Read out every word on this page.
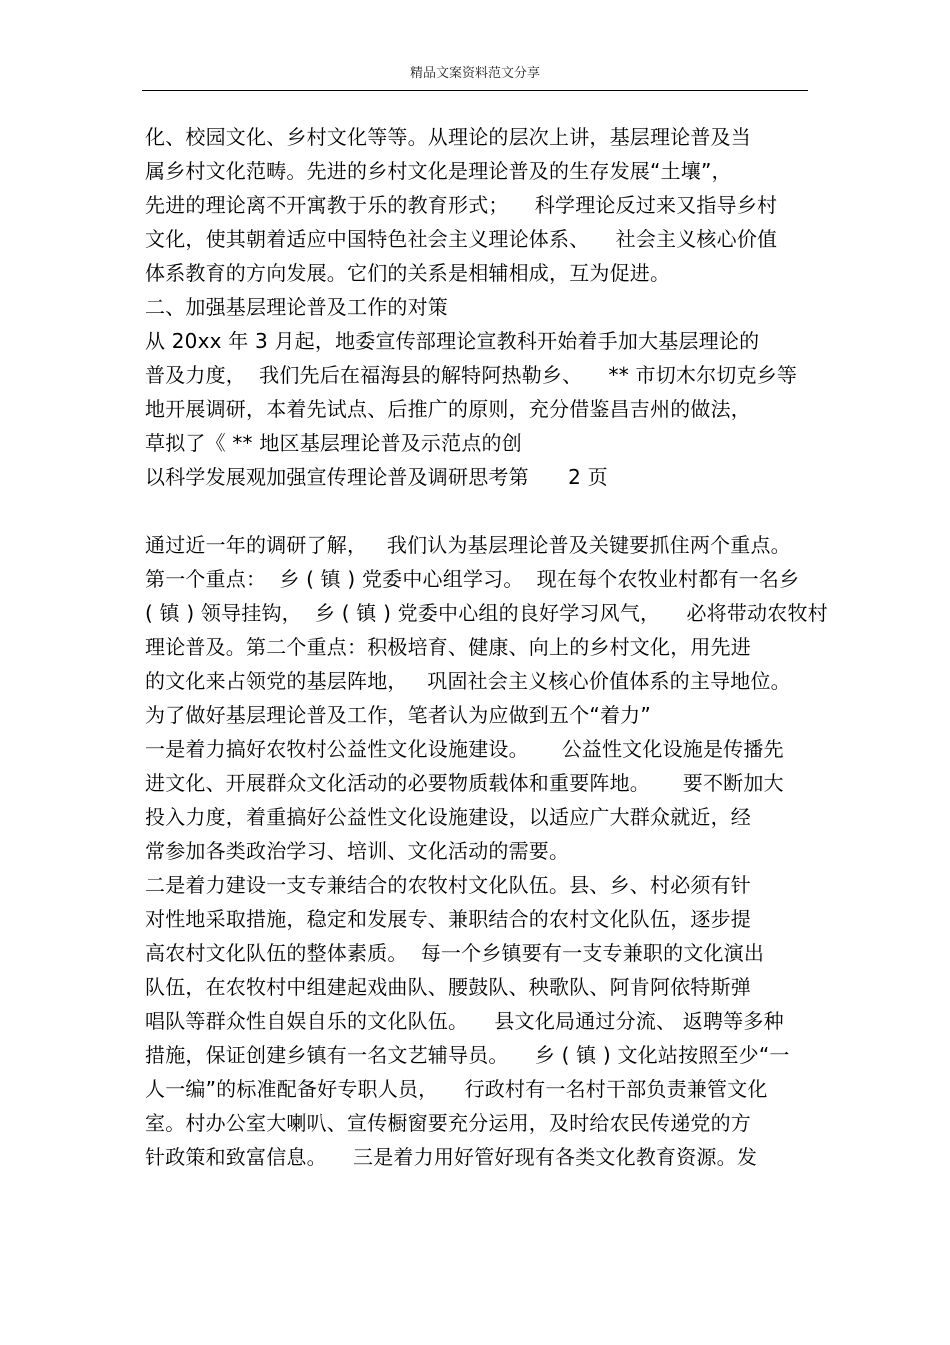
精品文案资料范文分享
化、校园文化、乡村文化等等。从理论的层次上讲，基层理论普及当
属乡村文化范畴。先进的乡村文化是理论普及的生存发展“土壤”，
先进的理论离不开寓教于乐的教育形式；    科学理论反过来又指导乡村
文化，使其朝着适应中国特色社会主义理论体系、    社会主义核心价值
体系教育的方向发展。它们的关系是相辅相成，互为促进。
二、加强基层理论普及工作的对策
从 20xx 年 3 月起，地委宣传部理论宣教科开始着手加大基层理论的
普及力度，  我们先后在福海县的解特阿热勒乡、    ** 市切木尔切克乡等
地开展调研，本着先试点、后推广的原则，充分借鉴昌吉州的做法，
草拟了《 ** 地区基层理论普及示范点的创
以科学发展观加强宣传理论普及调研思考第      2 页
通过近一年的调研了解，   我们认为基层理论普及关键要抓住两个重点。
第一个重点：  乡 ( 镇 ) 党委中心组学习。  现在每个农牧业村都有一名乡
( 镇 ) 领导挂钩，  乡 ( 镇 ) 党委中心组的良好学习风气，    必将带动农牧村
理论普及。第二个重点：积极培育、健康、向上的乡村文化，用先进
的文化来占领党的基层阵地，   巩固社会主义核心价值体系的主导地位。
为了做好基层理论普及工作，笔者认为应做到五个“着力”
一是着力搞好农牧村公益性文化设施建设。     公益性文化设施是传播先
进文化、开展群众文化活动的必要物质载体和重要阵地。     要不断加大
投入力度，着重搞好公益性文化设施建设，以适应广大群众就近，经
常参加各类政治学习、培训、文化活动的需要。
二是着力建设一支专兼结合的农牧村文化队伍。县、乡、村必须有针
对性地采取措施，稳定和发展专、兼职结合的农村文化队伍，逐步提
高农村文化队伍的整体素质。  每一个乡镇要有一支专兼职的文化演出
队伍，在农牧村中组建起戏曲队、腰鼓队、秧歌队、阿肯阿依特斯弹
唱队等群众性自娱自乐的文化队伍。    县文化局通过分流、 返聘等多种
措施，保证创建乡镇有一名文艺辅导员。    乡 ( 镇 ) 文化站按照至少“一
人一编”的标准配备好专职人员，    行政村有一名村干部负责兼管文化
室。村办公室大喇叭、宣传橱窗要充分运用，及时给农民传递党的方
针政策和致富信息。    三是着力用好管好现有各类文化教育资源。发
